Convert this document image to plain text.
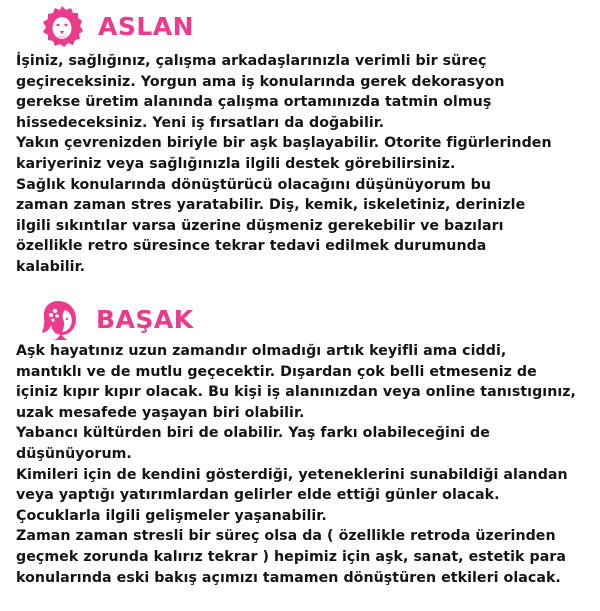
ASLAN
İşiniz, sağlığınız, çalışma arkadaşlarınızla verimli bir süreç
geçireceksiniz. Yorgun ama iş konularında gerek dekorasyon
gerekse üretim alanında çalışma ortamınızda tatmin olmuş
hissedeceksiniz. Yeni iş fırsatları da doğabilir.
Yakın çevrenizden biriyle bir aşk başlayabilir. Otorite figürlerinden
kariyeriniz veya sağlığınızla ilgili destek görebilirsiniz.
Sağlık konularında dönüştürücü olacağını düşünüyorum bu
zaman zaman stres yaratabilir. Diş, kemik, iskeletiniz, derinizle
ilgili sıkıntılar varsa üzerine düşmeniz gerekebilir ve bazıları
özellikle retro süresince tekrar tedavi edilmek durumunda
kalabilir.
BAŞAK
Aşk hayatınız uzun zamandır olmadığı artık keyifli ama ciddi,
mantıklı ve de mutlu geçecektir. Dışardan çok belli etmeseniz de
içiniz kıpır kıpır olacak. Bu kişi iş alanınızdan veya online tanıstıgınız,
uzak mesafede yaşayan biri olabilir.
Yabancı kültürden biri de olabilir. Yaş farkı olabileceğini de
düşünüyorum.
Kimileri için de kendini gösterdiği, yeteneklerini sunabildiği alandan
veya yaptığı yatırımlardan gelirler elde ettiği günler olacak.
Çocuklarla ilgili gelişmeler yaşanabilir.
Zaman zaman stresli bir süreç olsa da ( özellikle retroda üzerinden
geçmek zorunda kalırız tekrar ) hepimiz için aşk, sanat, estetik para
konularında eski bakış açımızı tamamen dönüştüren etkileri olacak.
